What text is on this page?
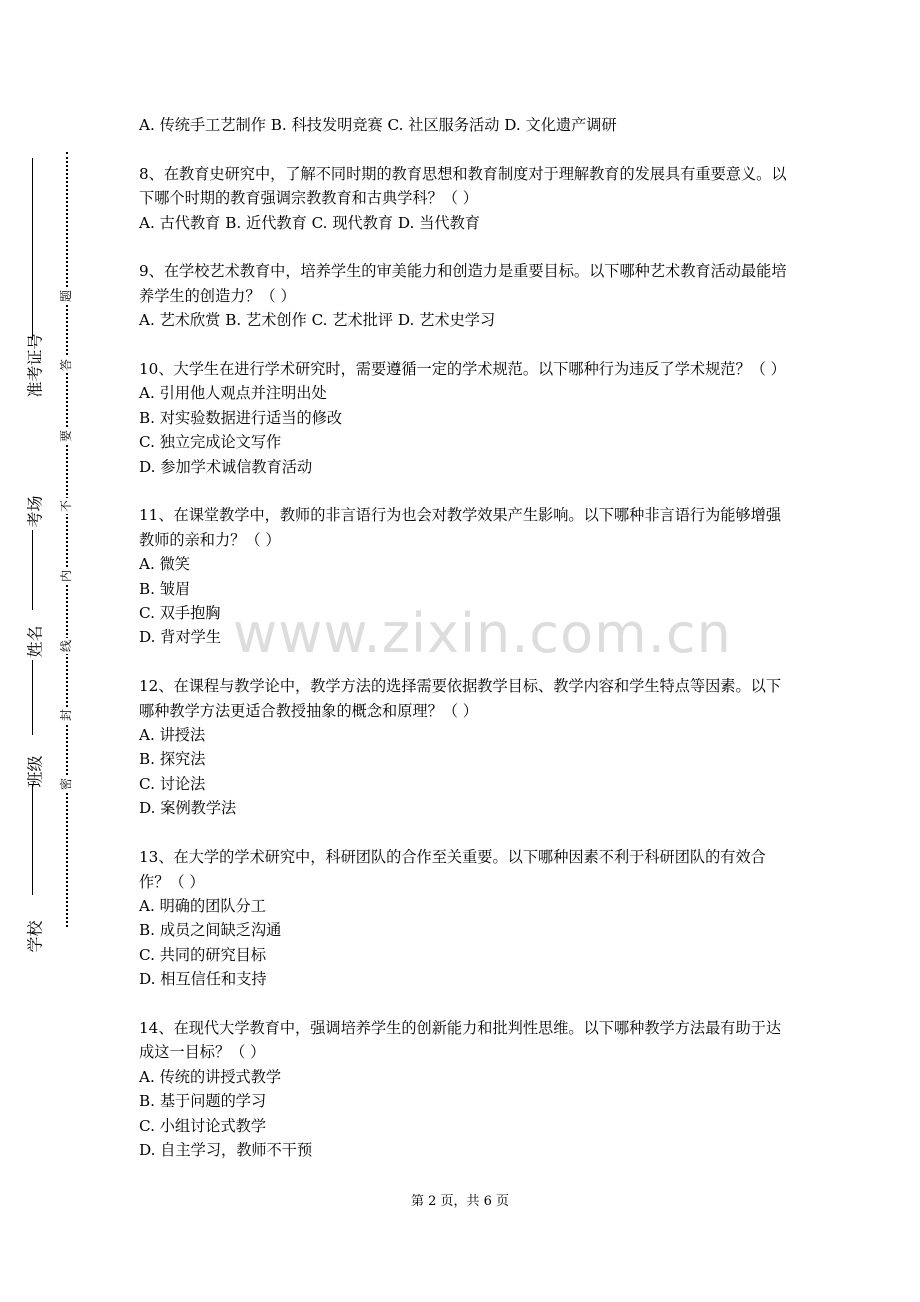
准考证号
考场
姓名
班级
学校
题
答
要
不
内
线
封
密
A. 传统手工艺制作 B. 科技发明竞赛 C. 社区服务活动 D. 文化遗产调研
8、在教育史研究中，了解不同时期的教育思想和教育制度对于理解教育的发展具有重要意义。以下哪个时期的教育强调宗教教育和古典学科？（ ）
A. 古代教育 B. 近代教育 C. 现代教育 D. 当代教育
9、在学校艺术教育中，培养学生的审美能力和创造力是重要目标。以下哪种艺术教育活动最能培养学生的创造力？（ ）
A. 艺术欣赏 B. 艺术创作 C. 艺术批评 D. 艺术史学习
10、大学生在进行学术研究时，需要遵循一定的学术规范。以下哪种行为违反了学术规范？（ ）
A. 引用他人观点并注明出处
B. 对实验数据进行适当的修改
C. 独立完成论文写作
D. 参加学术诚信教育活动
11、在课堂教学中，教师的非言语行为也会对教学效果产生影响。以下哪种非言语行为能够增强教师的亲和力？（ ）
A. 微笑
B. 皱眉
C. 双手抱胸
D. 背对学生
12、在课程与教学论中，教学方法的选择需要依据教学目标、教学内容和学生特点等因素。以下哪种教学方法更适合教授抽象的概念和原理？（ ）
A. 讲授法
B. 探究法
C. 讨论法
D. 案例教学法
13、在大学的学术研究中，科研团队的合作至关重要。以下哪种因素不利于科研团队的有效合作？（ ）
A. 明确的团队分工
B. 成员之间缺乏沟通
C. 共同的研究目标
D. 相互信任和支持
14、在现代大学教育中，强调培养学生的创新能力和批判性思维。以下哪种教学方法最有助于达成这一目标？（ ）
A. 传统的讲授式教学
B. 基于问题的学习
C. 小组讨论式教学
D. 自主学习，教师不干预
www.zixin.com.cn
第 2 页，共 6 页
